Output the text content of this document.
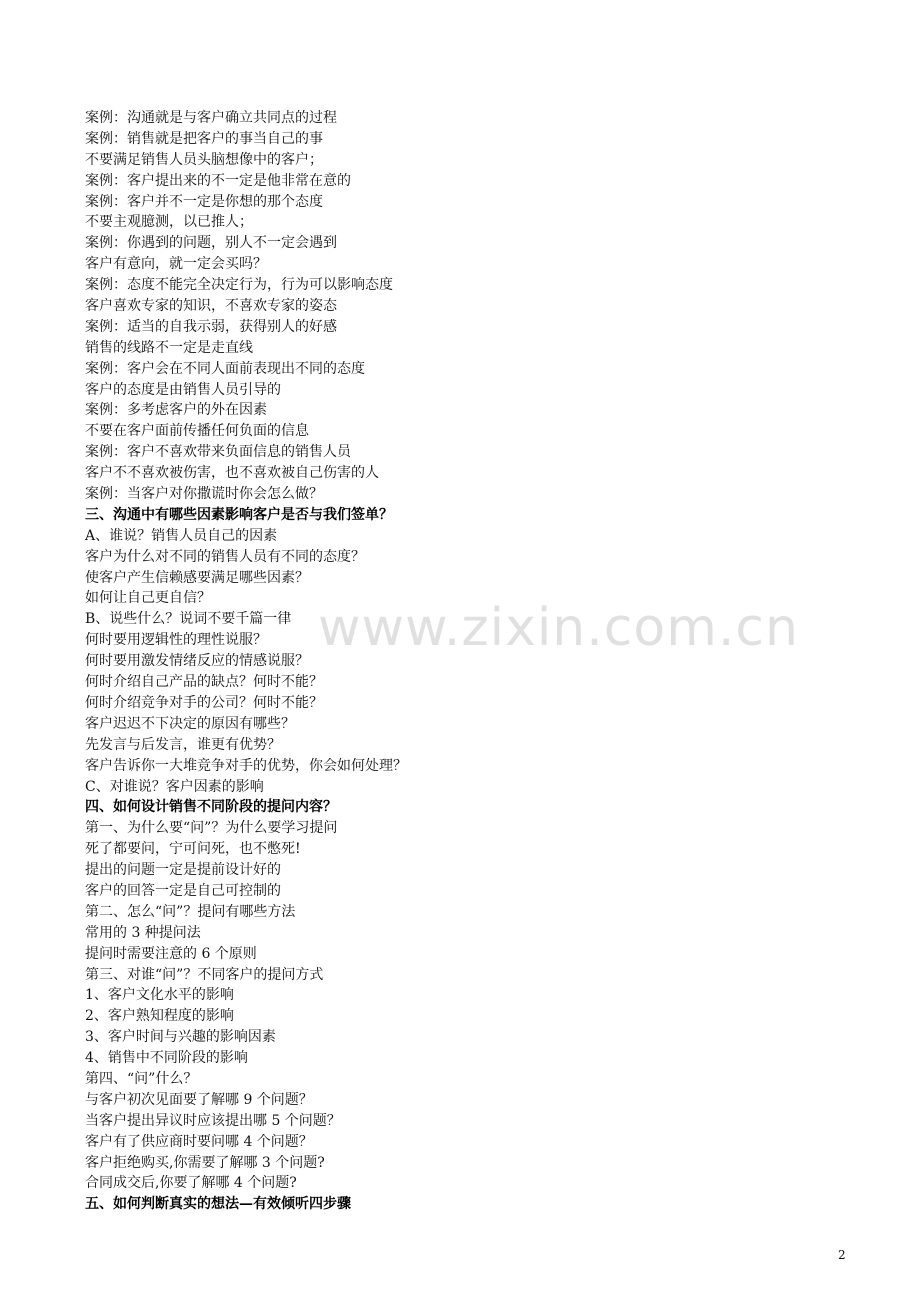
案例：沟通就是与客户确立共同点的过程
案例：销售就是把客户的事当自己的事
不要满足销售人员头脑想像中的客户；
案例：客户提出来的不一定是他非常在意的
案例：客户并不一定是你想的那个态度
不要主观臆测，以已推人；
案例：你遇到的问题，别人不一定会遇到
客户有意向，就一定会买吗？
案例：态度不能完全决定行为，行为可以影响态度
客户喜欢专家的知识，不喜欢专家的姿态
案例：适当的自我示弱，获得别人的好感
销售的线路不一定是走直线
案例：客户会在不同人面前表现出不同的态度
客户的态度是由销售人员引导的
案例：多考虑客户的外在因素
不要在客户面前传播任何负面的信息
案例：客户不喜欢带来负面信息的销售人员
客户不不喜欢被伤害，也不喜欢被自己伤害的人
案例：当客户对你撒谎时你会怎么做？
三、沟通中有哪些因素影响客户是否与我们签单？
A、谁说？销售人员自己的因素
客户为什么对不同的销售人员有不同的态度？
使客户产生信赖感要满足哪些因素？
如何让自己更自信？
B、说些什么？说词不要千篇一律
何时要用逻辑性的理性说服？
何时要用激发情绪反应的情感说服？
何时介绍自己产品的缺点？何时不能？
何时介绍竞争对手的公司？何时不能？
客户迟迟不下决定的原因有哪些？
先发言与后发言，谁更有优势？
客户告诉你一大堆竞争对手的优势，你会如何处理？
C、对谁说？客户因素的影响
四、如何设计销售不同阶段的提问内容？
第一、为什么要“问”？为什么要学习提问
死了都要问，宁可问死，也不憋死!
提出的问题一定是提前设计好的
客户的回答一定是自己可控制的
第二、怎么“问”？提问有哪些方法
常用的 3 种提问法
提问时需要注意的 6 个原则
第三、对谁“问”？不同客户的提问方式
1、客户文化水平的影响
2、客户熟知程度的影响
3、客户时间与兴趣的影响因素
4、销售中不同阶段的影响
第四、“问”什么？
与客户初次见面要了解哪 9 个问题？
当客户提出异议时应该提出哪 5 个问题？
客户有了供应商时要问哪 4 个问题？
客户拒绝购买,你需要了解哪 3 个问题?
合同成交后,你要了解哪 4 个问题?
五、如何判断真实的想法—有效倾听四步骤
www.zixin.com.cn
2
